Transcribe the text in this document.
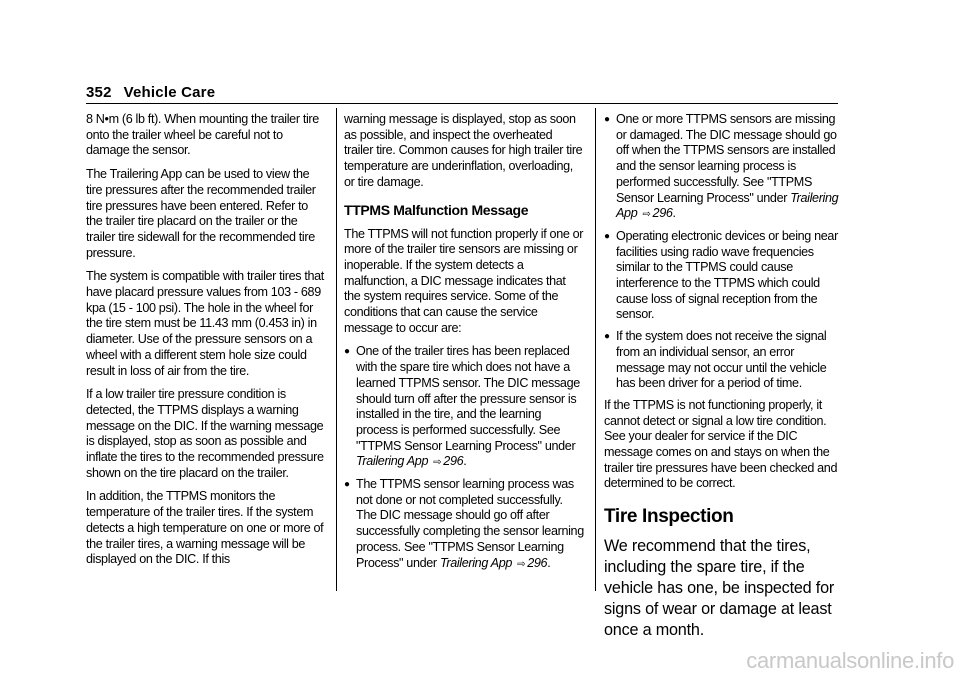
352 Vehicle Care

8 N•m (6 lb ft). When mounting the trailer tire onto the trailer wheel be careful not to damage the sensor.

The Trailering App can be used to view the tire pressures after the recommended trailer tire pressures have been entered. Refer to the trailer tire placard on the trailer or the trailer tire sidewall for the recommended tire pressure.

The system is compatible with trailer tires that have placard pressure values from 103 - 689 kpa (15 - 100 psi). The hole in the wheel for the tire stem must be 11.43 mm (0.453 in) in diameter. Use of the pressure sensors on a wheel with a different stem hole size could result in loss of air from the tire.

If a low trailer tire pressure condition is detected, the TTPMS displays a warning message on the DIC. If the warning message is displayed, stop as soon as possible and inflate the tires to the recommended pressure shown on the tire placard on the trailer.

In addition, the TTPMS monitors the temperature of the trailer tires. If the system detects a high temperature on one or more of the trailer tires, a warning message will be displayed on the DIC. If this

warning message is displayed, stop as soon as possible, and inspect the overheated trailer tire. Common causes for high trailer tire temperature are underinflation, overloading, or tire damage.

TTPMS Malfunction Message

The TTPMS will not function properly if one or more of the trailer tire sensors are missing or inoperable. If the system detects a malfunction, a DIC message indicates that the system requires service. Some of the conditions that can cause the service message to occur are:

● One of the trailer tires has been replaced with the spare tire which does not have a learned TTPMS sensor. The DIC message should turn off after the pressure sensor is installed in the tire, and the learning process is performed successfully. See "TTPMS Sensor Learning Process" under Trailering App ⇨ 296.
● The TTPMS sensor learning process was not done or not completed successfully. The DIC message should go off after successfully completing the sensor learning process. See "TTPMS Sensor Learning Process" under Trailering App ⇨ 296.
● One or more TTPMS sensors are missing or damaged. The DIC message should go off when the TTPMS sensors are installed and the sensor learning process is performed successfully. See "TTPMS Sensor Learning Process" under Trailering App ⇨ 296.
● Operating electronic devices or being near facilities using radio wave frequencies similar to the TTPMS could cause interference to the TTPMS which could cause loss of signal reception from the sensor.
● If the system does not receive the signal from an individual sensor, an error message may not occur until the vehicle has been driver for a period of time.

If the TTPMS is not functioning properly, it cannot detect or signal a low tire condition. See your dealer for service if the DIC message comes on and stays on when the trailer tire pressures have been checked and determined to be correct.

Tire Inspection
We recommend that the tires, including the spare tire, if the vehicle has one, be inspected for signs of wear or damage at least once a month.
carmanualsonline.info
